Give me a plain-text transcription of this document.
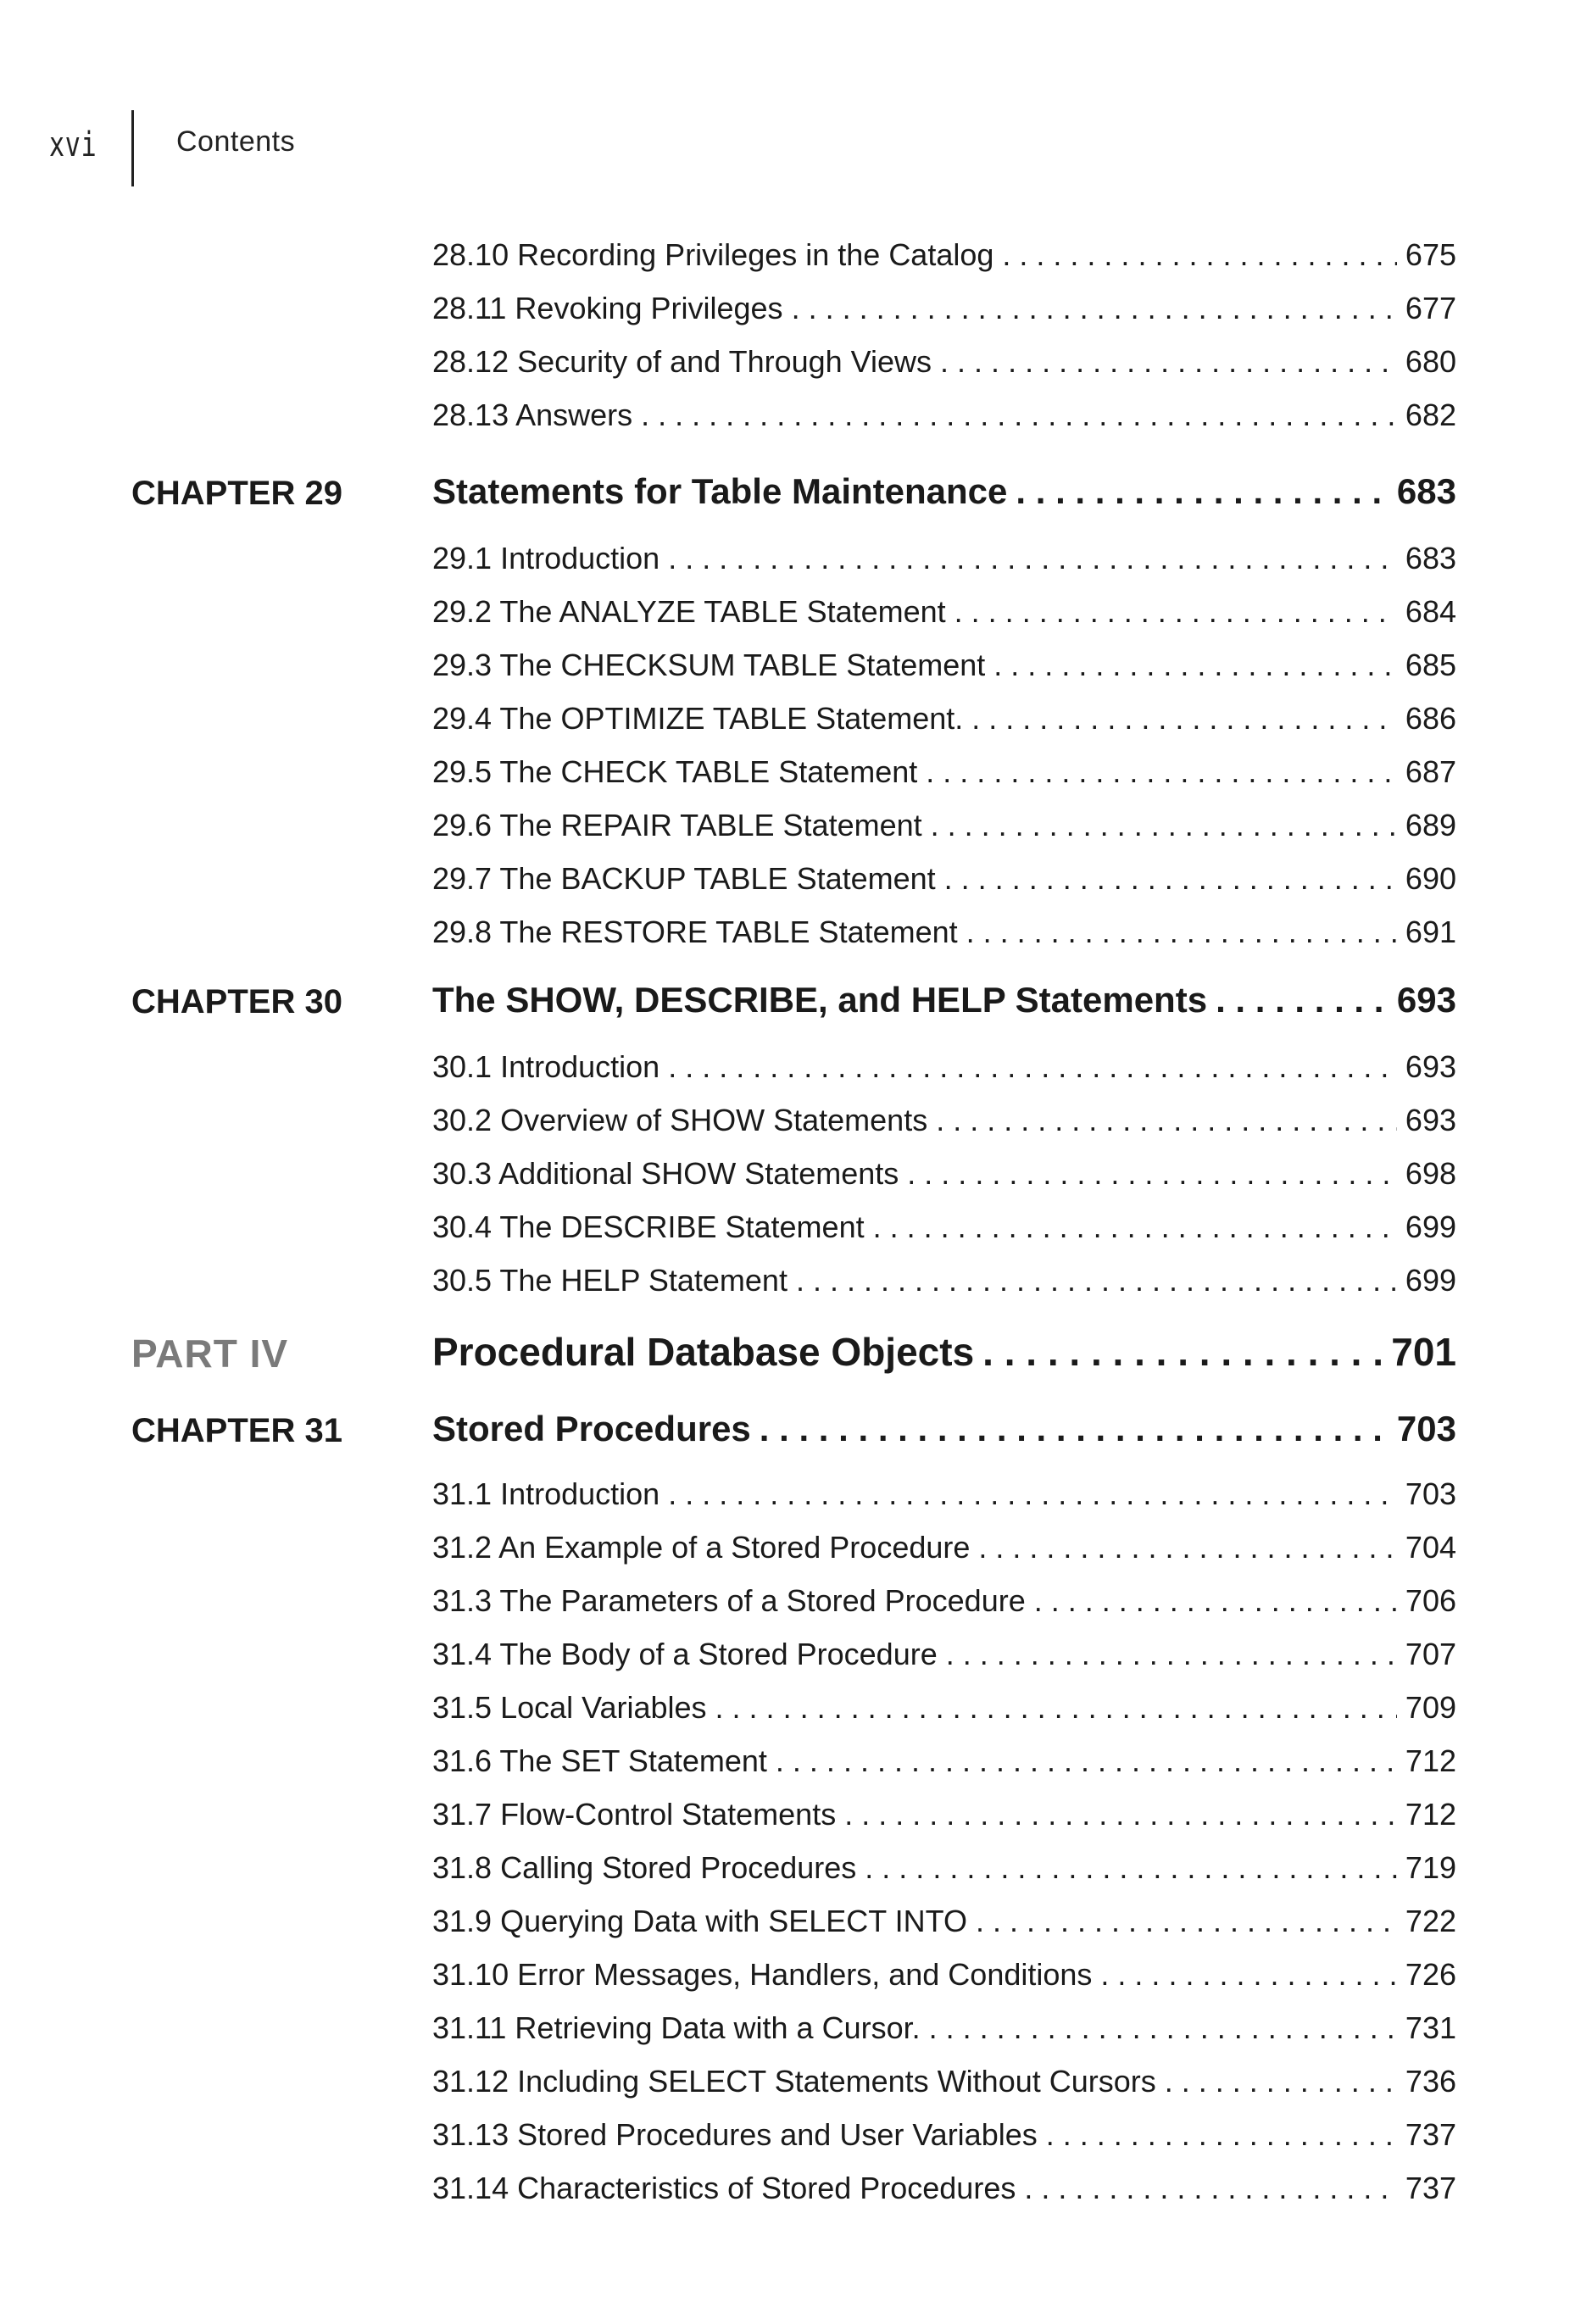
xvi	Contents
28.10 Recording Privileges in the Catalog . . .	675
28.11 Revoking Privileges . . .	677
28.12 Security of and Through Views . . .	680
28.13 Answers . . .	682
CHAPTER 29	Statements for Table Maintenance . . .	683
29.1 Introduction . . .	683
29.2 The ANALYZE TABLE Statement . . .	684
29.3 The CHECKSUM TABLE Statement . . .	685
29.4 The OPTIMIZE TABLE Statement. . . .	686
29.5 The CHECK TABLE Statement . . .	687
29.6 The REPAIR TABLE Statement . . .	689
29.7 The BACKUP TABLE Statement . . .	690
29.8 The RESTORE TABLE Statement . . .	691
CHAPTER 30	The SHOW, DESCRIBE, and HELP Statements . . .	693
30.1 Introduction . . .	693
30.2 Overview of SHOW Statements . . .	693
30.3 Additional SHOW Statements . . .	698
30.4 The DESCRIBE Statement . . .	699
30.5 The HELP Statement . . .	699
PART IV	Procedural Database Objects . . .	701
CHAPTER 31	Stored Procedures . . .	703
31.1 Introduction . . .	703
31.2 An Example of a Stored Procedure . . .	704
31.3 The Parameters of a Stored Procedure . . .	706
31.4 The Body of a Stored Procedure . . .	707
31.5 Local Variables . . .	709
31.6 The SET Statement . . .	712
31.7 Flow-Control Statements . . .	712
31.8 Calling Stored Procedures . . .	719
31.9 Querying Data with SELECT INTO . . .	722
31.10 Error Messages, Handlers, and Conditions . . .	726
31.11 Retrieving Data with a Cursor. . . .	731
31.12 Including SELECT Statements Without Cursors . . .	736
31.13 Stored Procedures and User Variables . . .	737
31.14 Characteristics of Stored Procedures . . .	737
